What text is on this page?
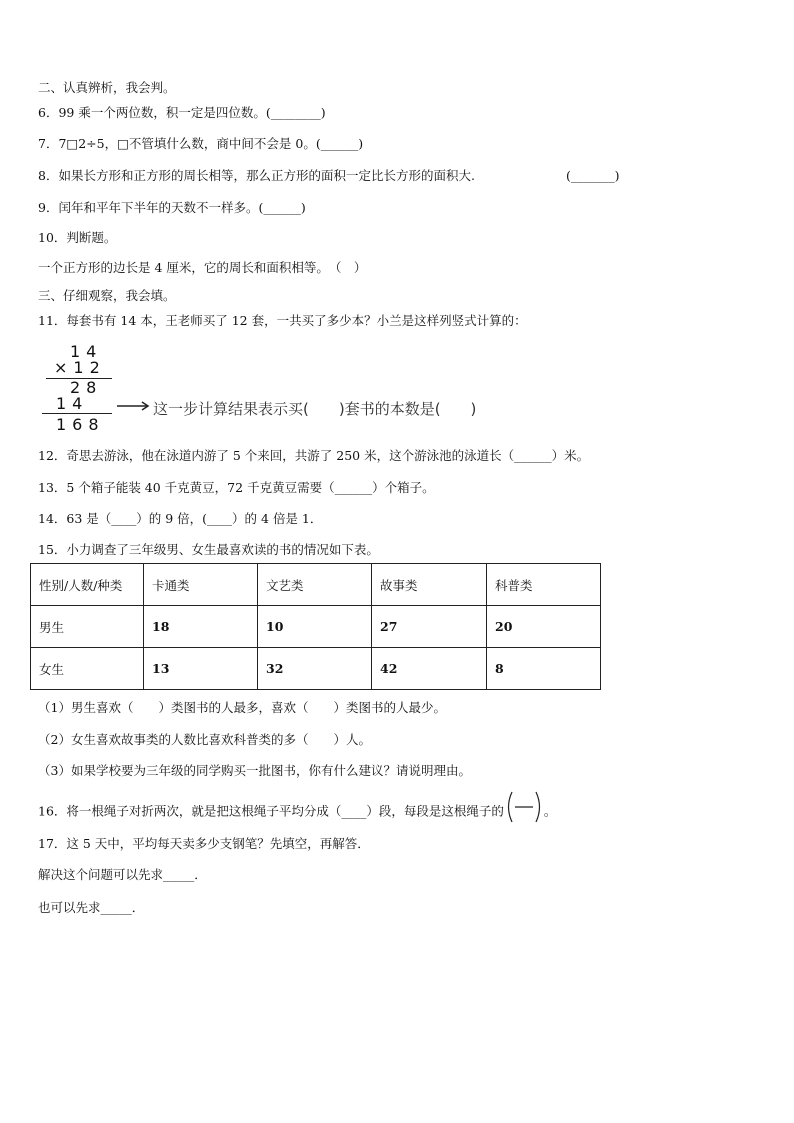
二、认真辨析，我会判。
6．99 乘一个两位数，积一定是四位数。(________)
7．7□2÷5，□不管填什么数，商中间不会是 0。(______)
8．如果长方形和正方形的周长相等，那么正方形的面积一定比长方形的面积大.	(_______)
9．闰年和平年下半年的天数不一样多。(______)
10．判断题。
一个正方形的边长是 4 厘米，它的周长和面积相等。　（　）
三、仔细观察，我会填。
11．每套书有 14 本，王老师买了 12 套，一共买了多少本？小兰是这样列竖式计算的：
14
×12
28
14
168
这一步计算结果表示买(　　)套书的本数是(　　)
12．奇思去游泳，他在泳道内游了 5 个来回，共游了 250 米，这个游泳池的泳道长（______）米。
13．5 个箱子能装 40 千克黄豆，72 千克黄豆需要（______）个箱子。
14．63 是（____）的 9 倍，(____）的 4 倍是 1．
15．小力调查了三年级男、女生最喜欢读的书的情况如下表。
性别/人数/种类	卡通类	文艺类	故事类	科普类
男生	18	10	27	20
女生	13	32	42	8
（1）男生喜欢（　　）类图书的人最多，喜欢（　　）类图书的人最少。
（2）女生喜欢故事类的人数比喜欢科普类的多（　　）人。
（3）如果学校要为三年级的同学购买一批图书，你有什么建议？请说明理由。
16．将一根绳子对折两次，就是把这根绳子平均分成（____）段，每段是这根绳子的	。
17．这 5 天中，平均每天卖多少支钢笔？先填空，再解答．
解决这个问题可以先求_____．
也可以先求_____．
